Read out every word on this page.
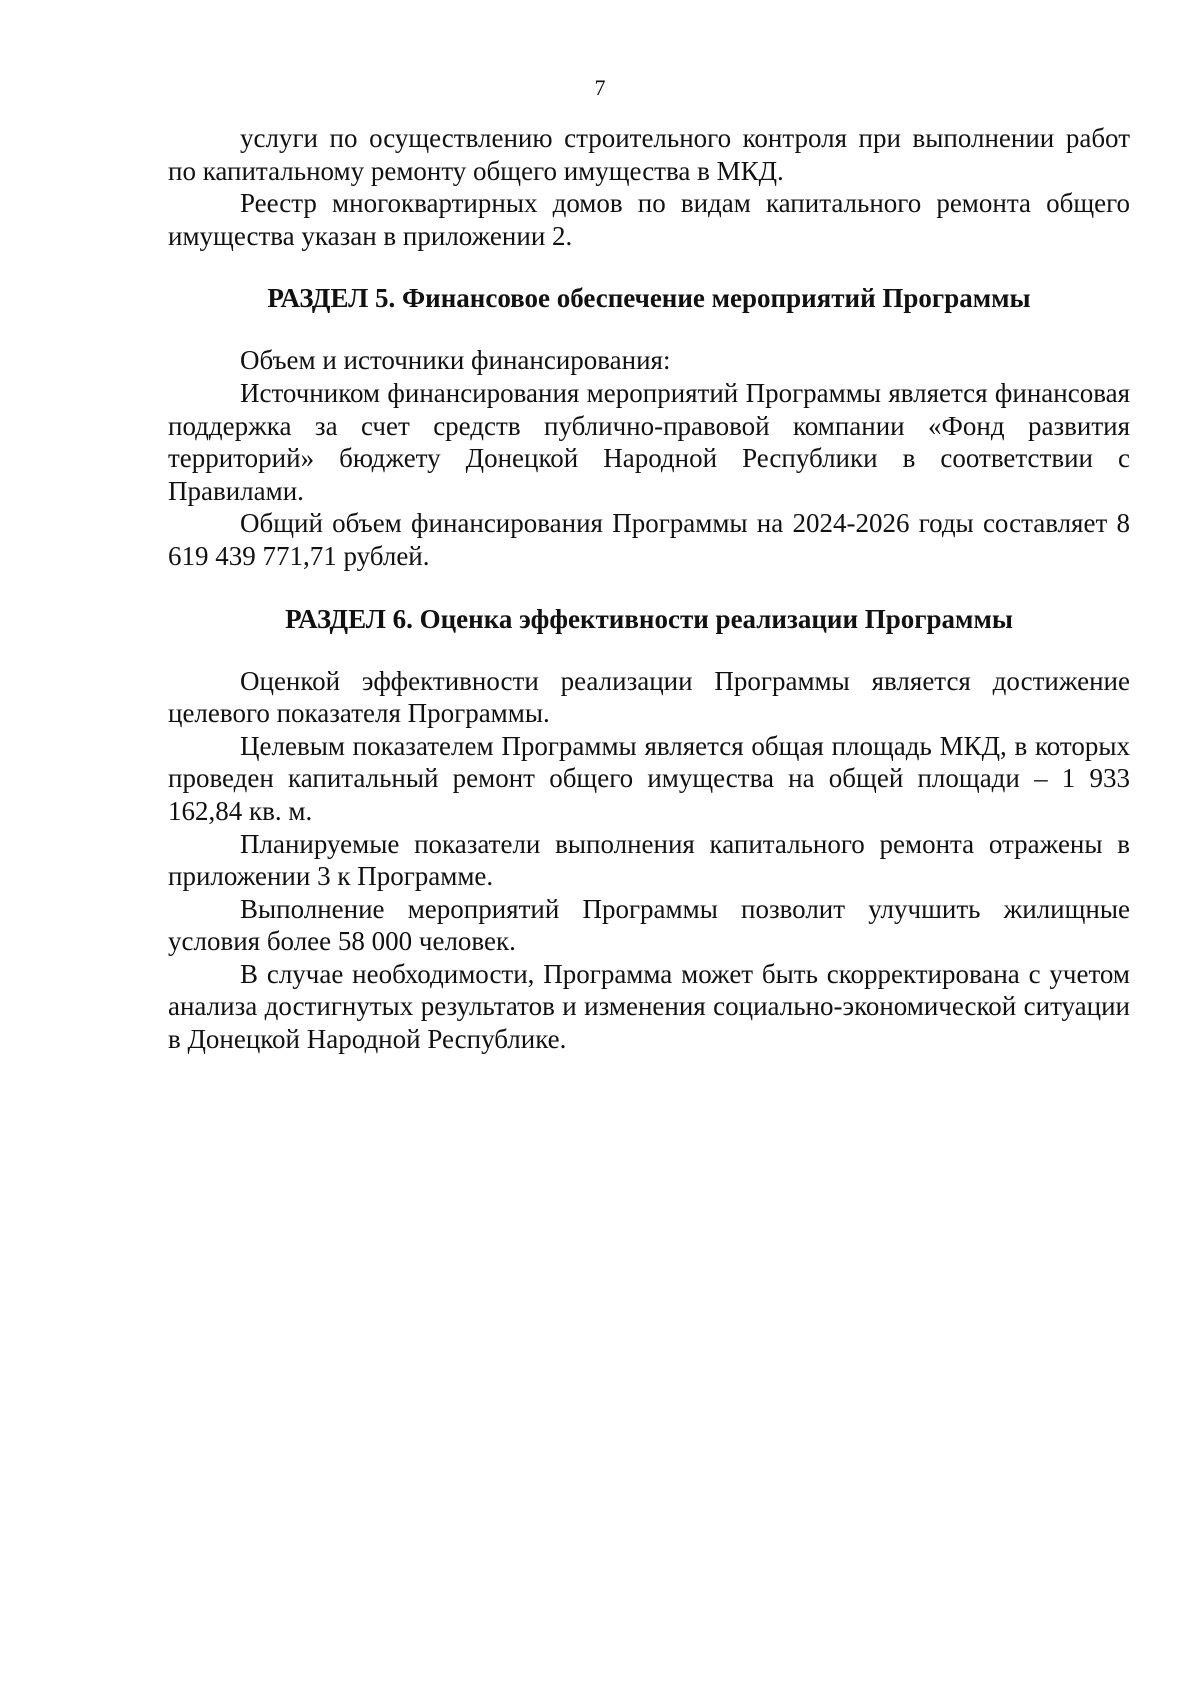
7

услуги по осуществлению строительного контроля при выполнении работ по капитальному ремонту общего имущества в МКД.

Реестр многоквартирных домов по видам капитального ремонта общего имущества указан в приложении 2.

РАЗДЕЛ 5. Финансовое обеспечение мероприятий Программы

Объем и источники финансирования:

Источником финансирования мероприятий Программы является финансовая поддержка за счет средств публично-правовой компании «Фонд развития территорий» бюджету Донецкой Народной Республики в соответствии с Правилами.

Общий объем финансирования Программы на 2024-2026 годы составляет 8 619 439 771,71 рублей.

РАЗДЕЛ 6. Оценка эффективности реализации Программы

Оценкой эффективности реализации Программы является достижение целевого показателя Программы.

Целевым показателем Программы является общая площадь МКД, в которых проведен капитальный ремонт общего имущества на общей площади – 1 933 162,84 кв. м.

Планируемые показатели выполнения капитального ремонта отражены в приложении 3 к Программе.

Выполнение мероприятий Программы позволит улучшить жилищные условия более 58 000 человек.

В случае необходимости, Программа может быть скорректирована с учетом анализа достигнутых результатов и изменения социально-экономической ситуации в Донецкой Народной Республике.
